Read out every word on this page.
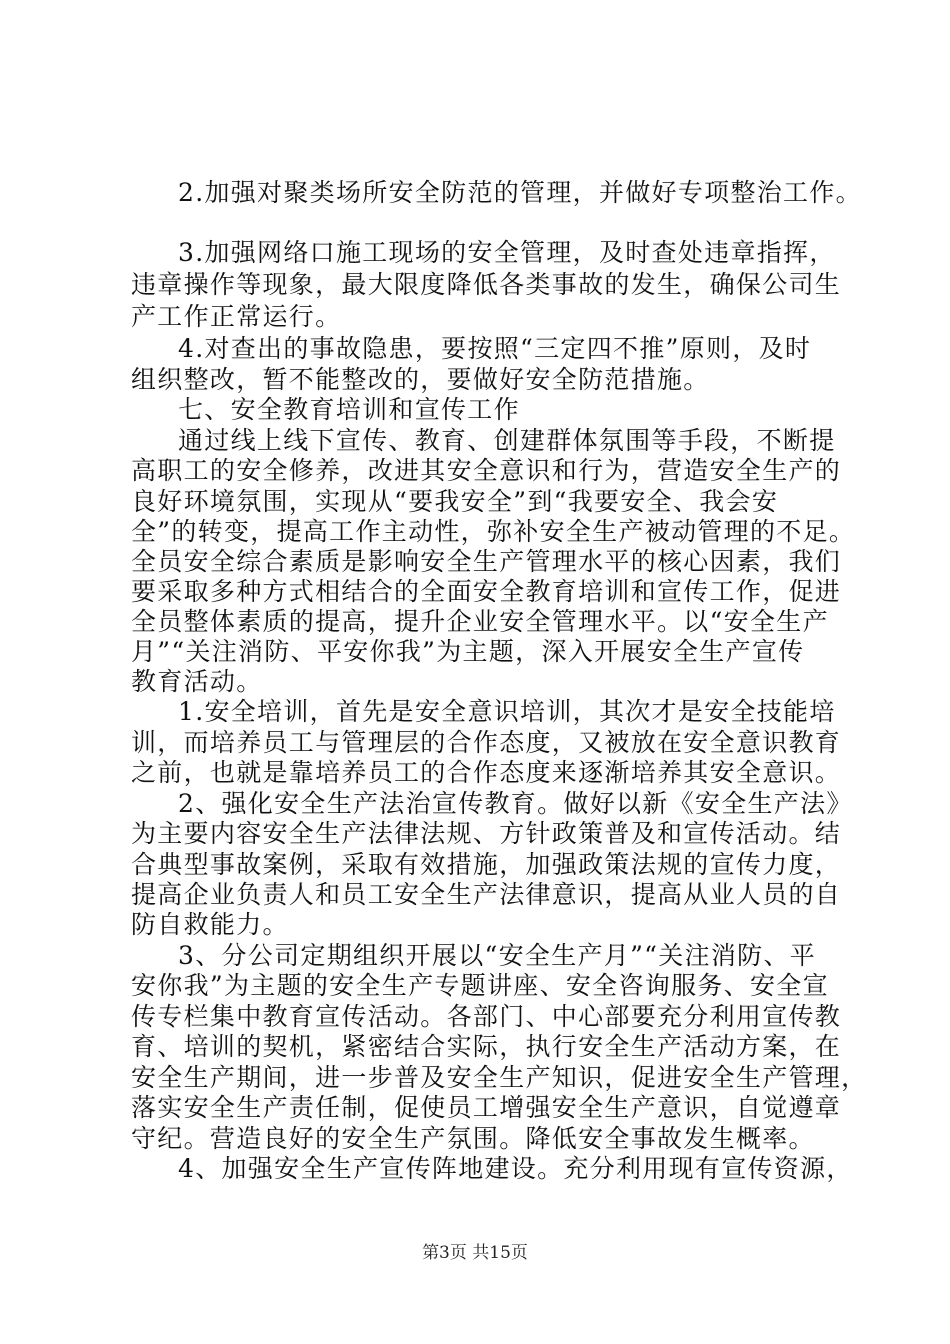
2.加强对聚类场所安全防范的管理，并做好专项整治工作。

3.加强网络口施工现场的安全管理，及时查处违章指挥，

违章操作等现象，最大限度降低各类事故的发生，确保公司生

产工作正常运行。

4.对查出的事故隐患，要按照“三定四不推”原则，及时

组织整改，暂不能整改的，要做好安全防范措施。

七、安全教育培训和宣传工作

通过线上线下宣传、教育、创建群体氛围等手段，不断提

高职工的安全修养，改进其安全意识和行为，营造安全生产的

良好环境氛围，实现从“要我安全”到“我要安全、我会安

全”的转变，提高工作主动性，弥补安全生产被动管理的不足。

全员安全综合素质是影响安全生产管理水平的核心因素，我们

要采取多种方式相结合的全面安全教育培训和宣传工作，促进

全员整体素质的提高，提升企业安全管理水平。以“安全生产

月”“关注消防、平安你我”为主题，深入开展安全生产宣传

教育活动。

1.安全培训，首先是安全意识培训，其次才是安全技能培

训，而培养员工与管理层的合作态度，又被放在安全意识教育

之前，也就是靠培养员工的合作态度来逐渐培养其安全意识。

2、强化安全生产法治宣传教育。做好以新《安全生产法》

为主要内容安全生产法律法规、方针政策普及和宣传活动。结

合典型事故案例，采取有效措施，加强政策法规的宣传力度，

提高企业负责人和员工安全生产法律意识，提高从业人员的自

防自救能力。

3、分公司定期组织开展以“安全生产月”“关注消防、平

安你我”为主题的安全生产专题讲座、安全咨询服务、安全宣

传专栏集中教育宣传活动。各部门、中心部要充分利用宣传教

育、培训的契机，紧密结合实际，执行安全生产活动方案，在

安全生产期间，进一步普及安全生产知识，促进安全生产管理，

落实安全生产责任制，促使员工增强安全生产意识，自觉遵章

守纪。营造良好的安全生产氛围。降低安全事故发生概率。

4、加强安全生产宣传阵地建设。充分利用现有宣传资源，

第3页 共15页
